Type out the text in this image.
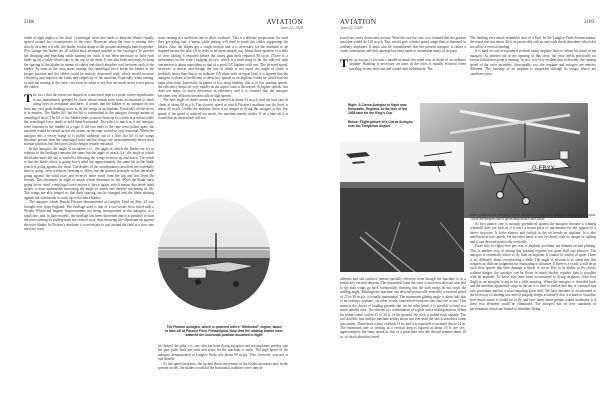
2188	AVIATION
June 22, 1929

rather at right angles to the shaft. Centrifugal force also tends to keep the blades equally spaced around the circumference of the rotor. However, when the rotor is turning very slowly, or when it is idle, the blades would droop to the ground and might bunch together. (For storage the blades are all folded back arranged parallel to the fuselage.) To prevent the drooping and bunching while starting the rotor, it has been necessary to hold each blade up by a cable which runs to the top of the mast. It has also been necessary to keep the spacing of the blades by means of cables and shock absorber cord between each of the blades. As soon as the rotor starts turning, the centrifugal force keeps the blades in the proper position and the cables could be entirely dispensed with, which would increase efficiency and improve the looks and simplicity of the machine. Especially when taxiing, to start the turning of the rotor, care must be taken to see that too much stress is not put on the cables.

The fact that the rotors are hinged on a universal joint is a point whose significance is not immediately grasped by those whose minds have been accustomed to think along lines of aeroplane structures. It means that the blades of an autogiro do not have any very great bending stress as do the wings of an airplane. Practically all the stress is in tension. The blades lift, but the lift is transmitted to the autogiro through means of centrifugal force. The lift of the blades tends to move them up to a vertical position while the centrifugal force tends to hold them horizontal. The effect is much as if the autogiro were fastened to the middle of a rope. If the two ends of the rope were pulled apart, the machine would be raised up but the strains on the rope would be only tensional. When the autogiro hits a severe bump or is pulled suddenly out of a dive, the lift of the wings becomes greater than the centrifugal force and the wings rise up momentarily above their normal position, but the forces on the hinges remain tensional.

In the autogiro, the angle of incidence (i.e., the angle at which the blades are set in relation to the fuselage) remains the same but the angle of attack (i.e., the angle at which the blades meet the air) is varied by allowing the wings to move up and down. The result is that the blade which is going down wind has approximately the same lift as the blade which is going against the wind. The details of the aerodynamics involved are extremely hard to grasp, even scientists seeming to differ, but the general principle is that the blade going against the wind rises and receives more wind from the top and less from the bottom. This decreases its angle of attack which decreases its lift. When the blade starts going down wind, centrifugal force moves it down again, which means that more wind strikes it from underneath increasing the angle of attack and thereby increasing its lift. The wings are also hinged so that their spacing can be changed and the blade moving against the wind tends to catch up to the other blades.

The autogiro which Harold Pitcairn demonstrated at Langley Field on May 24 was brought over from England. The fuselage used is that of a two-seater Avro fitted with a Wright Whirlwind engine. Improvements are being incorporated in the autogiros at a rapid rate, and, in later models, the fuselage has been shortened and it is possible to start the rotor turning by pulling back the control stick, thus throwing the slipstream up against the rotor blades. In Pitcairn's machine, it is necessary to taxi around the field at a slow rate until the rotor

starts turning at a sufficient rate to allow a takeoff. This is a delicate proposition, for until they get going fast, a bump while taxiing will tend to break the cables supporting the blades. Also the blades get a rough motion and it is necessary for the machine to be stopped before the take-off in order to let them smooth out. About three-quarters of a mile of slow taxiing is required before the rotors gain their required 90 r.p.m. (There is a tachometer on the rotor.) Judging by eye, which is a hard thing to do, the take-off with one person is about equivalent to that of a good OX biplane with two. The forward speed, however, is slower and though the rate of climb is not rapid, the angle of climb is probably better than that of an ordinary OX plane with an equal load. It is figured that the autogiro is about as inefficient at these low speeds as an airplane would be which had the same plan form. Especially in planes of low wing loading, that is of low landing speeds, the efficiency drops off very rapidly as the aspect ratio is decreased. At higher speeds, this does not make so much difference in efficiency and it is claimed that the autogiro becomes very efficient theoretically at high speeds.

The best angle of climb seems to be achieved at about 43 m.p.h. and the best rate of climb at about 60 m.p.h. The slowest speed at which Pitcairn's machine can fly level is about 30 m.p.h. Unlike the airplane, there is no danger in flying the autogiro at this low speed; if the speed is reduced too much, the machine merely settles. If on a take-off it is found that an obstruction will not

The Pitcairn Autogiro, which is powered with a "Whirlwind" engine, about to take-off at Pitcairn Field, Philadelphia. Note that the rotating blades have attained the horizontal position assumed in flight

be cleared, the pilot, i.e., one who has been flying autogiros and not airplanes, merely cuts the gun, pulls back the stick and waits for the machine to settle. The high speed of the autogiro demonstrated at Langley Field was about 90 m.p.h. This, however, was not at full throttle.

As the speed increases, the up and down movement of the blades increases and, in the present model, the blades would hit the horizontal stabilizer were they al-

AVIATION
June 22, 1929
2189

lowed any more downward motion. Were this not the case, it is claimed that the present machine would do 110 m.p.h. This would give a better speed range than is obtained in ordinary airplanes. It must also be remembered that the present autogiro is rather a crude contraption and little attempt has been made to streamline many of its parts.

The autogiro controls handle in much the same way as those of an ordinary airplane. Banking is necessary on turns as the rotor is equally efficient when traveling in any direction and would skid indefinitely. The

Right: A Cierva Autogiro in flight near Newcastle, England, at the time of the 1928 race for the King's Cup
Below: Flight picture of a Cierva Autogiro over the Templehof Airport
G-EBYY

ailerons and tail surfaces remain partially effective even though the machine is in a practically vertical descent. The downwash from the rotor is such that ailerons attached to the stub wings go back horizontally showing that the stub wings do not reach the stalling angle. Although the machine can descend practically vertically a forward speed of 25 or 30 m.p.h. is usually maintained. The maximum gliding angle is about half that of an ordinary airplane—in other words, somewhere between four and five to one. This restricts the choice of landing grounds but, on the other hand, it is possible to land in a much smaller area. The descent is a combination of a glide and a settling motion. When the plane comes within 15 or 20 ft. of the ground, the stick is pulled back sharply. The tail skid hits first and the machine settles about two feet until the shock absorbers come into action. These have a play of about 13 in. and it is expected to increase this to 24 in. The maximum rate of settling in a vertical drop is figured at about 16 ft. per sec., approximately the same speed as that of a parachute and this should require about 18 in. of shock absorber travel.

The landing very much resembles that of a bird. In the Langley Field demonstration, the usual run was about 40 ft. in practically still air and with shock absorbers which did not allow a vertical landing.

It is hard for one accustomed to think along airplane lines to adjust his mind to the autogiro. As pointed out in the opening of this story, the rotor needs practically no forward motion to keep it turning. In fact, it is very evident that in descent, the turning speed of the rotor increases. Structurally, too, the airplane and autogiro are entirely different. The fuselage of an airplane is supported through its wings, which are cantilever struc-

tures, whereas the fuselage of the autogiro is supported through members in tension. These differences are of great importance and value.

At first glance, one is strongly prejudiced against the autogiro because a rotating windmill does not look as if it were a sound piece of mechanism for the support of a heavy structure. It looks clumsy and foolish in the air beside an airplane. It is also inefficient at low speeds. On the other hand, it can fly slowly with no danger of stalling and it can descend practically vertically.

From fifty to eighty-five per cent of airplane accidents are blamed on bad piloting. This is another way of saying that piloting requires too great skill and practice. The autogiro is essentially easier to fly than an airplane. It cannot be stalled or spun. There is no difficulty about overshooting a field. The angle of descent is so steep that this requires no delicate judgment nor estimating of distance. If there is a crash, it will be at such slow speeds that little damage is likely to occur. Due to its ability to fly slowly without danger, the autogiro can be flown in much thicker weather than is possible with an airplane. To those who have been accustomed to flying airplanes, their first flight in an autogiro is apt to be a little startling. When the autogiro is throttled back and the machine apparently stops in the air, it is hard to realize that this is a normal and safe procedure and not a stunt requiring great skill. We have become so accustomed to the necessity of landing fast and of judging height accurately that it is hard to visualize how much easier it would be to fly and how many more people would undertake it if these two elements could be eliminated. The autogiro has set new standards of performance which are bound to stimulate flying.
